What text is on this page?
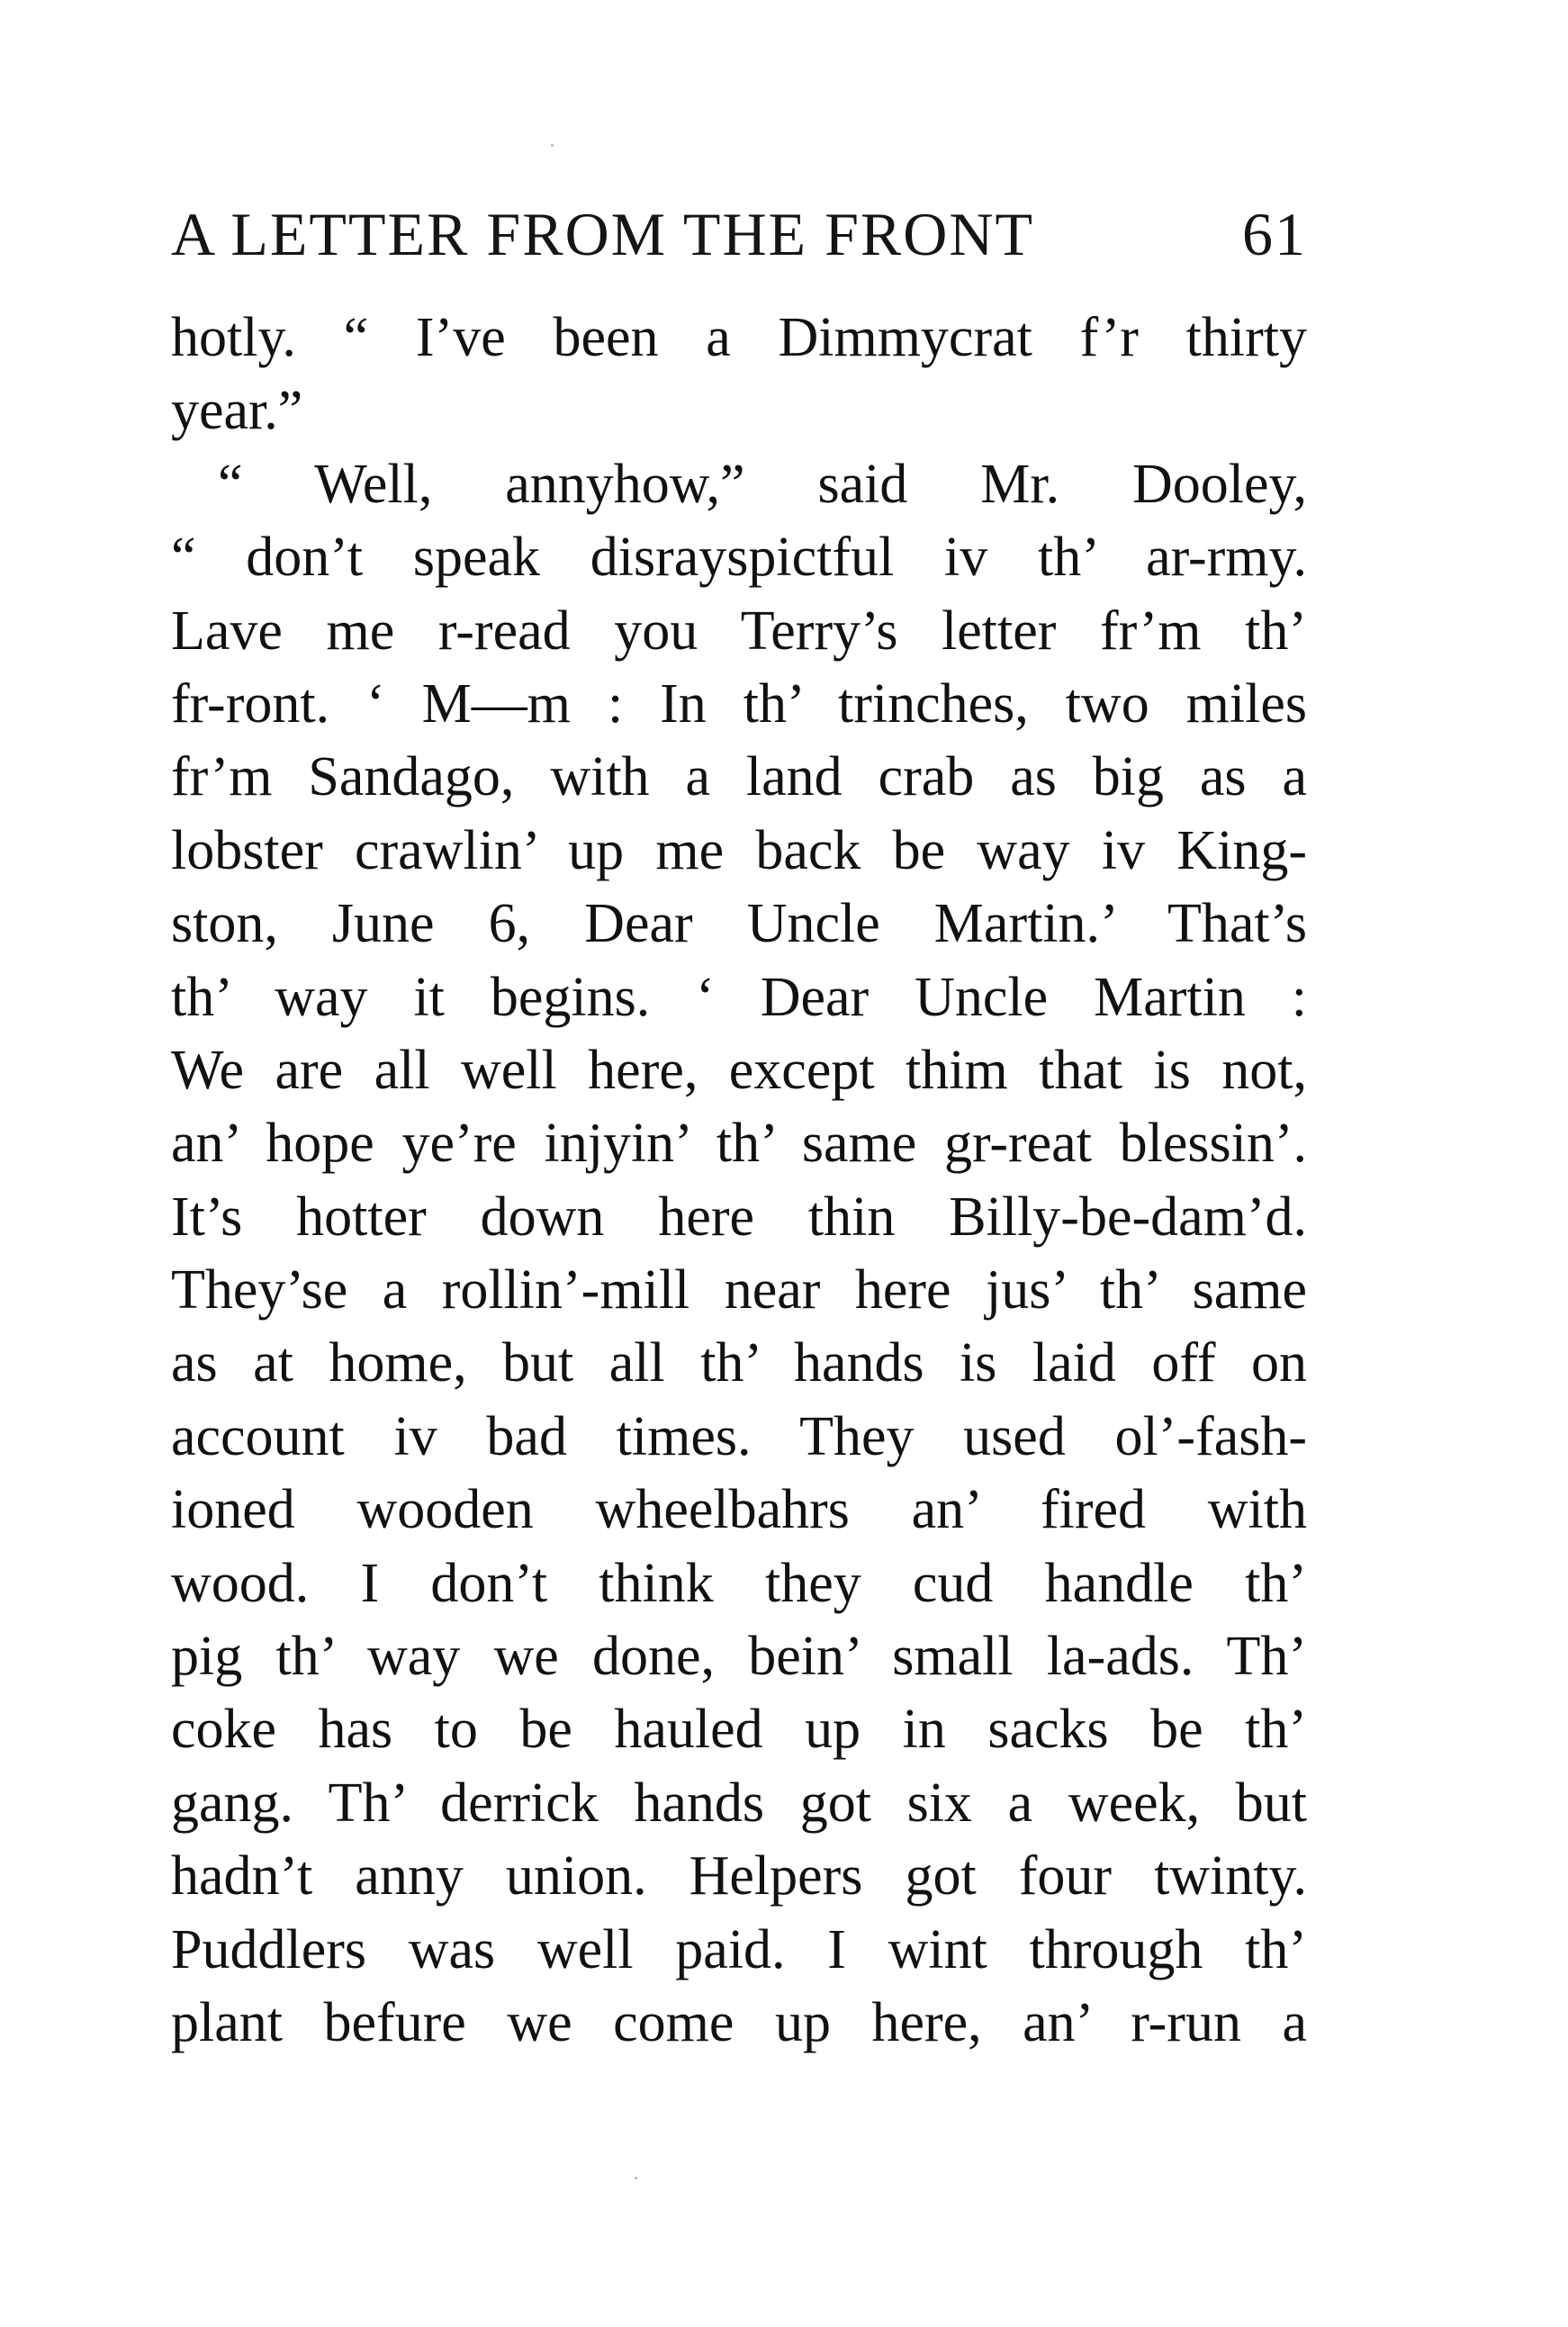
A LETTER FROM THE FRONT	61
hotly. “ I’ve been a Dimmycrat f’r thirty
year.”
“ Well, annyhow,” said Mr. Dooley,
“ don’t speak disrayspictful iv th’ ar-rmy.
Lave me r-read you Terry’s letter fr’m th’
fr-ront. ‘ M—m : In th’ trinches, two miles
fr’m Sandago, with a land crab as big as a
lobster crawlin’ up me back be way iv King-
ston, June 6, Dear Uncle Martin.’ That’s
th’ way it begins. ‘ Dear Uncle Martin :
We are all well here, except thim that is not,
an’ hope ye’re injyin’ th’ same gr-reat blessin’.
It’s hotter down here thin Billy-be-dam’d.
They’se a rollin’-mill near here jus’ th’ same
as at home, but all th’ hands is laid off on
account iv bad times. They used ol’-fash-
ioned wooden wheelbahrs an’ fired with
wood. I don’t think they cud handle th’
pig th’ way we done, bein’ small la-ads. Th’
coke has to be hauled up in sacks be th’
gang. Th’ derrick hands got six a week, but
hadn’t anny union. Helpers got four twinty.
Puddlers was well paid. I wint through th’
plant befure we come up here, an’ r-run a
